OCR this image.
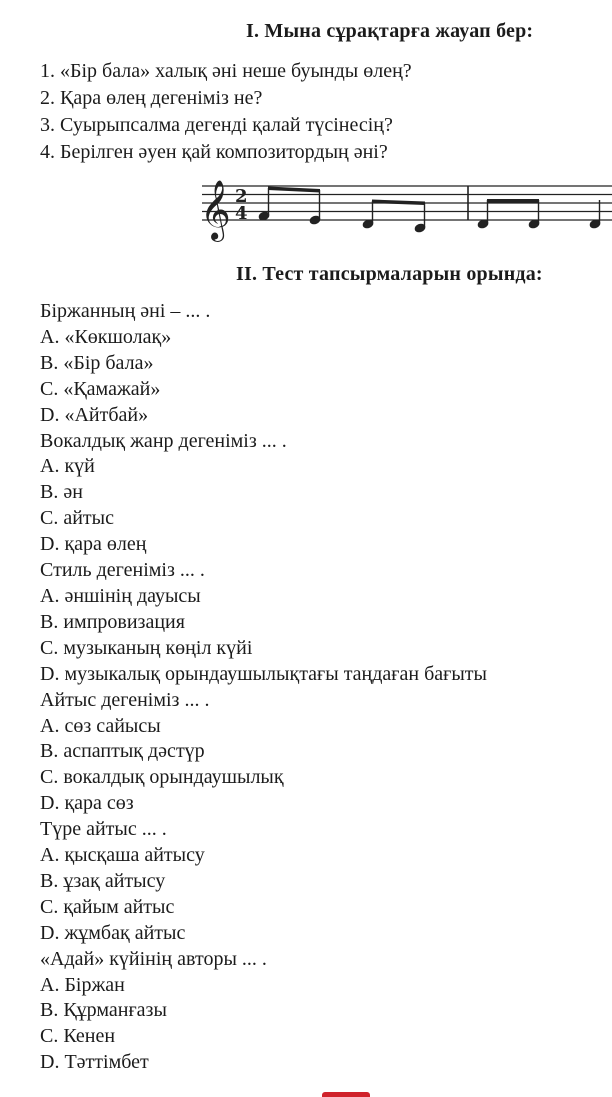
I. Мына сұрақтарға жауап бер:
1. «Бір бала» халық әні неше буынды өлең?
2. Қара өлең дегеніміз не?
3. Суырыпсалма дегенді қалай түсінесің?
4. Берілген әуен қай композитордың әні?
𝄞 2
4
II. Тест тапсырмаларын орында:
Біржанның әні – ... .
A. «Көкшолақ»
B. «Бір бала»
C. «Қамажай»
D. «Айтбай»
Вокалдық жанр дегеніміз ... .
A. күй
B. ән
C. айтыс
D. қара өлең
Стиль дегеніміз ... .
A. әншінің дауысы
B. импровизация
C. музыканың көңіл күйі
D. музыкалық орындаушылықтағы таңдаған бағыты
Айтыс дегеніміз ... .
A. сөз сайысы
B. аспаптық дәстүр
C. вокалдық орындаушылық
D. қара сөз
Түре айтыс ... .
A. қысқаша айтысу
B. ұзақ айтысу
C. қайым айтыс
D. жұмбақ айтыс
«Адай» күйінің авторы ... .
A. Біржан
B. Құрманғазы
C. Кенен
D. Тәттімбет
